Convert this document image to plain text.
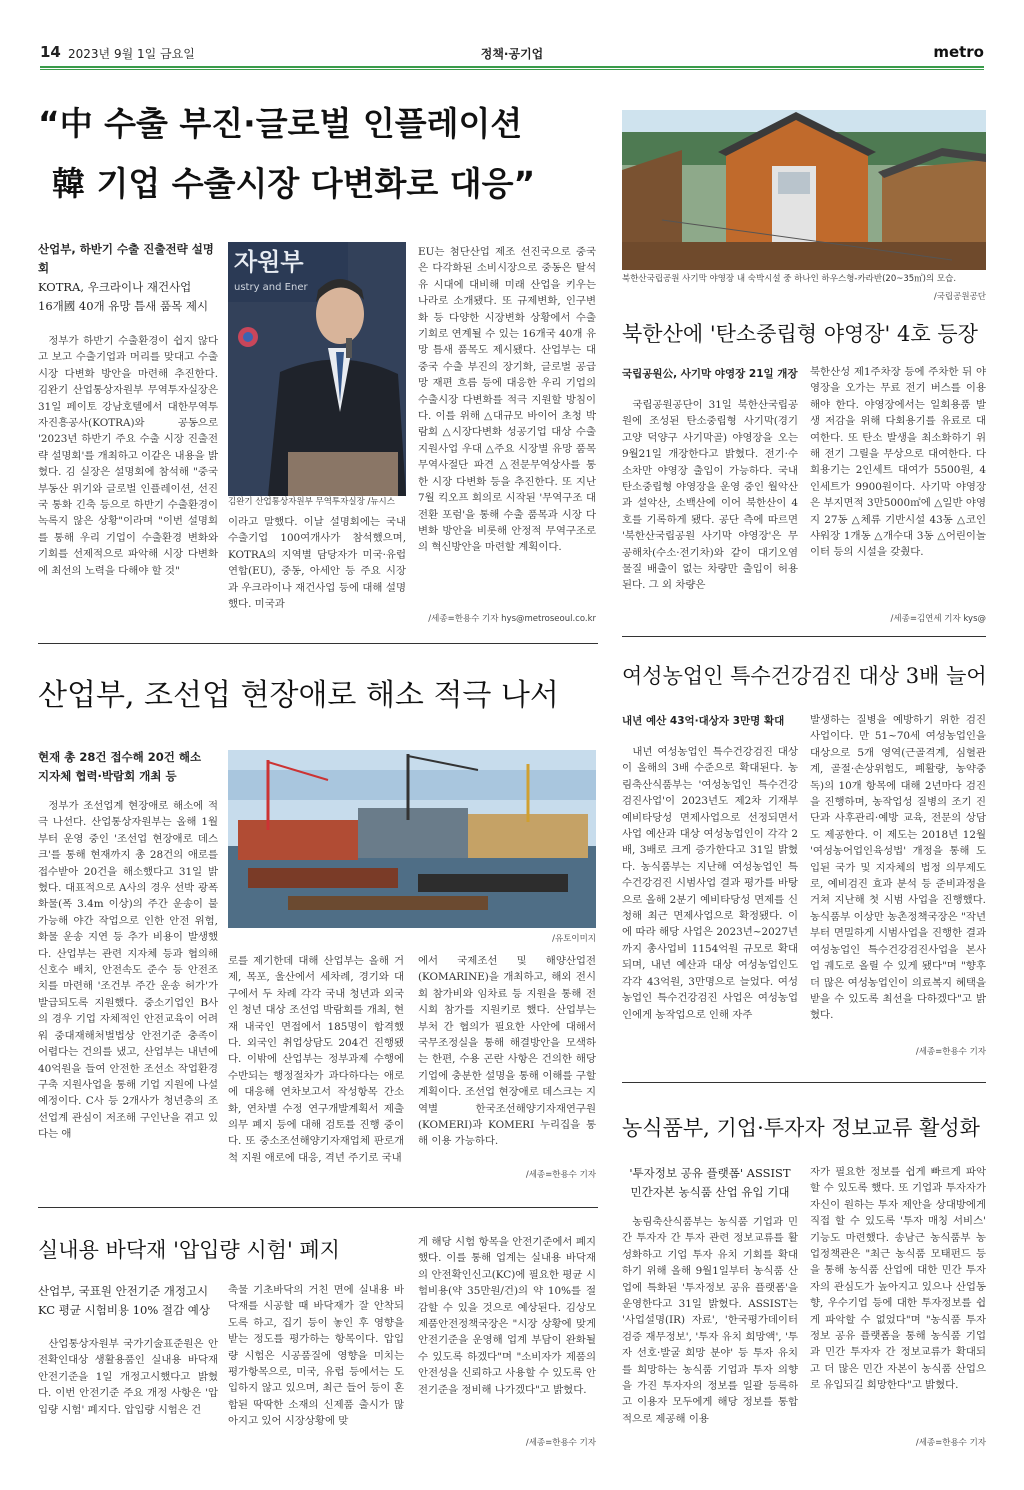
14 2023년 9월 1일 금요일	정책·공기업	metro
“中 수출 부진·글로벌 인플레이션
韓 기업 수출시장 다변화로 대응”
산업부, 하반기 수출 진출전략 설명회
KOTRA, 우크라이나 재건사업
16개國 40개 유망 틈새 품목 제시

정부가 하반기 수출환경이 쉽지 않다고 보고 수출기업과 머리를 맞대고 수출 시장 다변화 방안을 마련해 추진한다. 김완기 산업통상자원부 무역투자실장은 31일 페이토 강남호텔에서 대한무역투자진흥공사(KOTRA)와 공동으로 '2023년 하반기 주요 수출 시장 진출전략 설명회'를 개최하고 이같은 내용을 밝혔다. 김 실장은 설명회에 참석해 "중국 부동산 위기와 글로벌 인플레이션, 선진국 통화 긴축 등으로 하반기 수출환경이 녹록지 않은 상황"이라며 "이번 설명회를 통해 우리 기업이 수출환경 변화와 기회를 선제적으로 파악해 시장 다변화에 최선의 노력을 다해야 할 것"

자원부
ustry and Ener
김완기 산업통상자원부 무역투자실장 /뉴시스

이라고 말했다. 이날 설명회에는 국내 수출기업 100여개사가 참석했으며, KOTRA의 지역별 담당자가 미국·유럽연합(EU), 중동, 아세안 등 주요 시장과 우크라이나 재건사업 등에 대해 설명했다. 미국과

EU는 첨단산업 제조 선진국으로 중국은 다각화된 소비시장으로 중동은 탈석유 시대에 대비해 미래 산업을 키우는 나라로 소개됐다. 또 규제변화, 인구변화 등 다양한 시장변화 상황에서 수출 기회로 연계될 수 있는 16개국 40개 유망 틈새 품목도 제시됐다. 산업부는 대중국 수출 부진의 장기화, 글로벌 공급망 재편 흐름 등에 대응한 우리 기업의 수출시장 다변화를 적극 지원할 방침이다. 이를 위해 △대규모 바이어 초청 박람회 △시장다변화 성공기업 대상 수출지원사업 우대 △주요 시장별 유망 품목 무역사절단 파견 △전문무역상사를 통한 시장 다변화 등을 추진한다. 또 지난 7월 킥오프 회의로 시작된 '무역구조 대전환 포럼'을 통해 수출 품목과 시장 다변화 방안을 비롯해 안정적 무역구조로의 혁신방안을 마련할 계획이다.

/세종=한용수 기자 hys@metroseoul.co.kr
북한산국립공원 사기막 야영장 내 숙박시설 중 하나인 하우스형-카라반(20~35㎡)의 모습.
/국립공원공단
북한산에 '탄소중립형 야영장' 4호 등장
국립공원公, 사기막 야영장 21일 개장

국립공원공단이 31일 북한산국립공원에 조성된 탄소중립형 사기막(경기 고양 덕양구 사기막골) 야영장을 오는 9월21일 개장한다고 밝혔다. 전기·수소차만 야영장 출입이 가능하다. 국내 탄소중립형 야영장을 운영 중인 월악산과 설악산, 소백산에 이어 북한산이 4호를 기록하게 됐다. 공단 측에 따르면 '북한산국립공원 사기막 야영장'은 무공해차(수소·전기차)와 같이 대기오염물질 배출이 없는 차량만 출입이 허용된다. 그 외 차량은

북한산성 제1주차장 등에 주차한 뒤 야영장을 오가는 무료 전기 버스를 이용해야 한다. 야영장에서는 일회용품 발생 저감을 위해 다회용기를 유료로 대여한다. 또 탄소 발생을 최소화하기 위해 전기 그릴을 무상으로 대여한다. 다회용기는 2인세트 대여가 5500원, 4인세트가 9900원이다. 사기막 야영장은 부지면적 3만5000㎡에 △일반 야영지 27동 △체류 기반시설 43동 △코인샤워장 1개동 △개수대 3동 △어린이놀이터 등의 시설을 갖췄다.

/세종=김연세 기자 kys@
산업부, 조선업 현장애로 해소 적극 나서
현재 총 28건 접수해 20건 해소
지자체 협력·박람회 개최 등

정부가 조선업계 현장애로 해소에 적극 나선다. 산업통상자원부는 올해 1월부터 운영 중인 '조선업 현장애로 데스크'를 통해 현재까지 총 28건의 애로를 접수받아 20건을 해소했다고 31일 밝혔다. 대표적으로 A사의 경우 선박 광폭 화물(폭 3.4m 이상)의 주간 운송이 불가능해 야간 작업으로 인한 안전 위험, 화물 운송 지연 등 추가 비용이 발생했다. 산업부는 관련 지자체 등과 협의해 신호수 배치, 안전속도 준수 등 안전조치를 마련해 '조건부 주간 운송 허가'가 발급되도록 지원했다. 중소기업인 B사의 경우 기업 자체적인 안전교육이 어려워 중대재해처벌법상 안전기준 충족이 어렵다는 건의를 냈고, 산업부는 내년에 40억원을 들여 안전한 조선소 작업환경 구축 지원사업을 통해 기업 지원에 나설 예정이다. C사 등 2개사가 청년층의 조선업계 관심이 저조해 구인난을 겪고 있다는 애

/유토이미지

로를 제기한데 대해 산업부는 올해 거제, 목포, 울산에서 세차례, 경기와 대구에서 두 차례 각각 국내 청년과 외국인 청년 대상 조선업 박람회를 개최, 현재 내국인 면접에서 185명이 합격했다. 외국인 취업상담도 204건 진행됐다. 이밖에 산업부는 정부과제 수행에 수반되는 행정절차가 과다하다는 애로에 대응해 연차보고서 작성항목 간소화, 연차별 수정 연구개발계획서 제출 의무 폐지 등에 대해 검토를 진행 중이다. 또 중소조선해양기자재업체 판로개척 지원 애로에 대응, 격년 주기로 국내

에서 국제조선 및 해양산업전(KOMARINE)을 개최하고, 해외 전시회 참가비와 임차료 등 지원을 통해 전시회 참가를 지원키로 했다. 산업부는 부처 간 협의가 필요한 사안에 대해서 국무조정실을 통해 해결방안을 모색하는 한편, 수용 곤란 사항은 건의한 해당 기업에 충분한 설명을 통해 이해를 구할 계획이다. 조선업 현장애로 데스크는 지역별 한국조선해양기자재연구원(KOMERI)과 KOMERI 누리집을 통해 이용 가능하다.

/세종=한용수 기자
여성농업인 특수건강검진 대상 3배 늘어
내년 예산 43억·대상자 3만명 확대

내년 여성농업인 특수건강검진 대상이 올해의 3배 수준으로 확대된다. 농림축산식품부는 '여성농업인 특수건강검진사업'이 2023년도 제2차 기재부 예비타당성 면제사업으로 선정되면서 사업 예산과 대상 여성농업인이 각각 2배, 3배로 크게 증가한다고 31일 밝혔다. 농식품부는 지난해 여성농업인 특수건강검진 시범사업 결과 평가를 바탕으로 올해 2분기 예비타당성 면제를 신청해 최근 면제사업으로 확정됐다. 이에 따라 해당 사업은 2023년~2027년까지 총사업비 1154억원 규모로 확대되며, 내년 예산과 대상 여성농업인도 각각 43억원, 3만명으로 늘었다. 여성농업인 특수건강검진 사업은 여성농업인에게 농작업으로 인해 자주

발생하는 질병을 예방하기 위한 검진 사업이다. 만 51~70세 여성농업인을 대상으로 5개 영역(근골격계, 심혈관계, 골절·손상위험도, 폐활량, 농약중독)의 10개 항목에 대해 2년마다 검진을 진행하며, 농작업성 질병의 조기 진단과 사후관리·예방 교육, 전문의 상담도 제공한다. 이 제도는 2018년 12월 '여성농어업인육성법' 개정을 통해 도입된 국가 및 지자체의 법정 의무제도로, 예비검진 효과 분석 등 준비과정을 거쳐 지난해 첫 시범 사업을 진행했다. 농식품부 이상만 농촌정책국장은 "작년부터 면밀하게 시범사업을 진행한 결과 여성농업인 특수건강검진사업을 본사업 궤도로 올릴 수 있게 됐다"며 "향후 더 많은 여성농업인이 의료복지 혜택을 받을 수 있도록 최선을 다하겠다"고 밝혔다.

/세종=한용수 기자
실내용 바닥재 '압입량 시험' 폐지
산업부, 국표원 안전기준 개정고시
KC 평균 시험비용 10% 절감 예상

산업통상자원부 국가기술표준원은 안전확인대상 생활용품인 실내용 바닥재 안전기준을 1일 개정고시했다고 밝혔다. 이번 안전기준 주요 개정 사항은 '압입량 시험' 폐지다. 압입량 시험은 건

축물 기초바닥의 거친 면에 실내용 바닥재를 시공할 때 바닥재가 잘 안착되도록 하고, 집기 등이 놓인 후 영향을 받는 정도를 평가하는 항목이다. 압입량 시험은 시공품질에 영향을 미치는 평가항목으로, 미국, 유럽 등에서는 도입하지 않고 있으며, 최근 들어 등이 혼합된 딱딱한 소재의 신제품 출시가 많아지고 있어 시장상황에 맞

게 해당 시험 항목을 안전기준에서 폐지했다. 이를 통해 업계는 실내용 바닥재의 안전확인신고(KC)에 필요한 평균 시험비용(약 35만원/건)의 약 10%를 절감할 수 있을 것으로 예상된다. 김상모 제품안전정책국장은 "시장 상황에 맞게 안전기준을 운영해 업계 부담이 완화될 수 있도록 하겠다"며 "소비자가 제품의 안전성을 신뢰하고 사용할 수 있도록 안전기준을 정비해 나가겠다"고 밝혔다.

/세종=한용수 기자
농식품부, 기업·투자자 정보교류 활성화
'투자정보 공유 플랫폼' ASSIST
민간자본 농식품 산업 유입 기대

농림축산식품부는 농식품 기업과 민간 투자자 간 투자 관련 정보교류를 활성화하고 기업 투자 유치 기회를 확대하기 위해 올해 9월1일부터 농식품 산업에 특화된 '투자정보 공유 플랫폼'을 운영한다고 31일 밝혔다. ASSIST는 '사업설명(IR) 자료', '한국평가데이터 검증 재무정보', '투자 유치 희망액', '투자 선호·발굴 희망 분야' 등 투자 유치를 희망하는 농식품 기업과 투자 의향을 가진 투자자의 정보를 일괄 등록하고 이용자 모두에게 해당 정보를 통합적으로 제공해 이용

자가 필요한 정보를 쉽게 빠르게 파악할 수 있도록 했다. 또 기업과 투자자가 자신이 원하는 투자 제안을 상대방에게 직접 할 수 있도록 '투자 매칭 서비스' 기능도 마련했다. 송남근 농식품부 농업정책관은 "최근 농식품 모태펀드 등을 통해 농식품 산업에 대한 민간 투자자의 관심도가 높아지고 있으나 산업동향, 우수기업 등에 대한 투자정보를 쉽게 파악할 수 없었다"며 "농식품 투자정보 공유 플랫폼을 통해 농식품 기업과 민간 투자자 간 정보교류가 확대되고 더 많은 민간 자본이 농식품 산업으로 유입되길 희망한다"고 밝혔다.

/세종=한용수 기자
